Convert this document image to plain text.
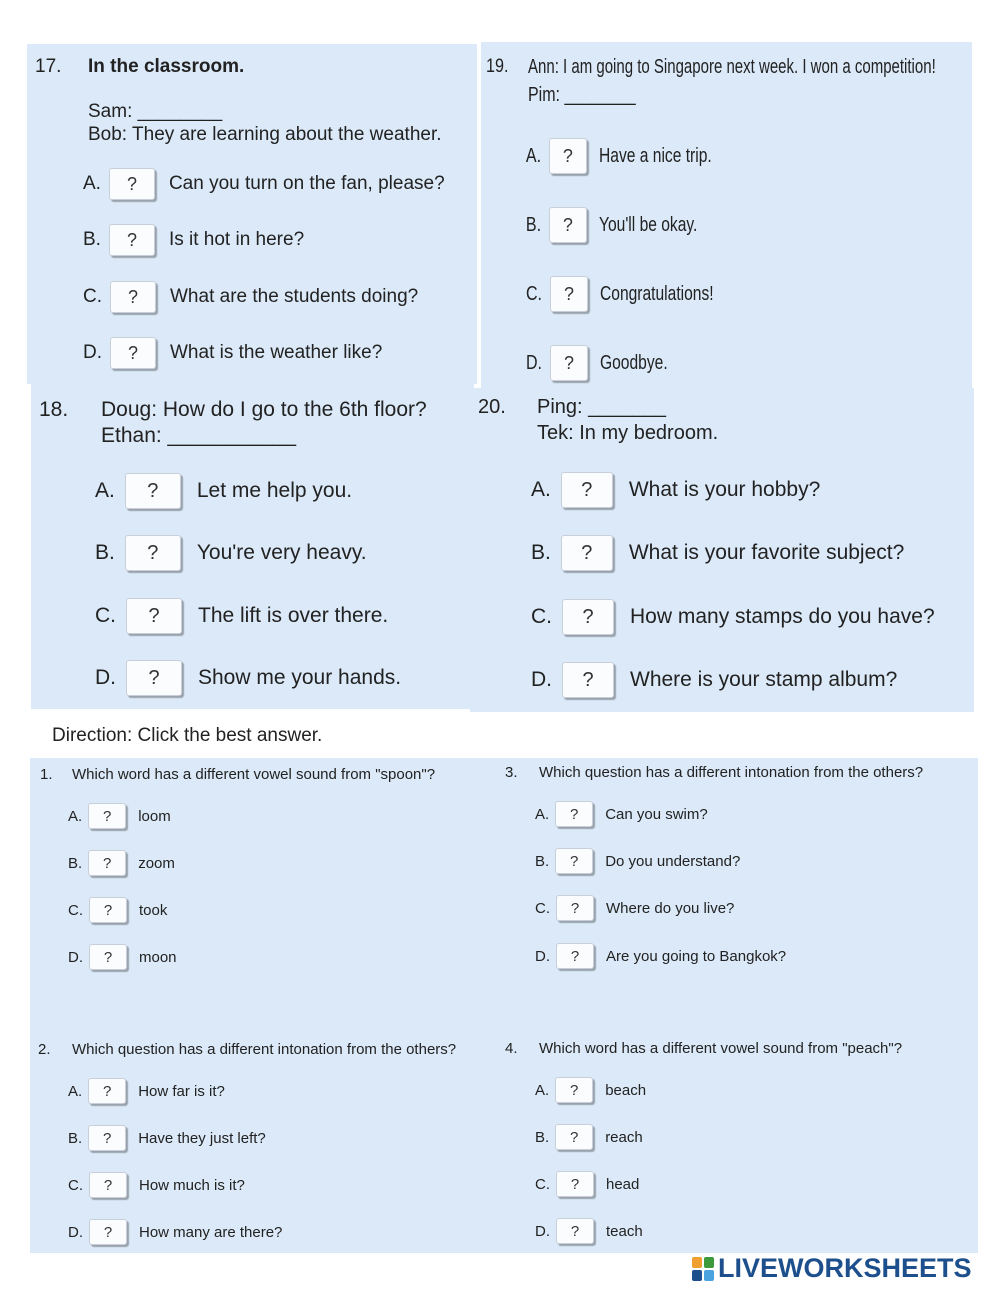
17. In the classroom.
Sam: ________
Bob: They are learning about the weather.
A.	?	Can you turn on the fan, please?
B.	?	Is it hot in here?
C.	?	What are the students doing?
D.	?	What is the weather like?
19. Ann: I am going to Singapore next week. I won a competition!
Pim: ________
A.	?	Have a nice trip.
B.	?	You'll be okay.
C.	?	Congratulations!
D.	?	Goodbye.
18. Doug: How do I go to the 6th floor?
Ethan: ___________
A.	?	Let me help you.
B.	?	You're very heavy.
C.	?	The lift is over there.
D.	?	Show me your hands.
20. Ping: _______
Tek: In my bedroom.
A.	?	What is your hobby?
B.	?	What is your favorite subject?
C.	?	How many stamps do you have?
D.	?	Where is your stamp album?
Direction: Click the best answer.
1. Which word has a different vowel sound from "spoon"?
A.	?	loom
B.	?	zoom
C.	?	took
D.	?	moon
2. Which question has a different intonation from the others?
A.	?	How far is it?
B.	?	Have they just left?
C.	?	How much is it?
D.	?	How many are there?
3. Which question has a different intonation from the others?
A.	?	Can you swim?
B.	?	Do you understand?
C.	?	Where do you live?
D.	?	Are you going to Bangkok?
4. Which word has a different vowel sound from "peach"?
A.	?	beach
B.	?	reach
C.	?	head
D.	?	teach
LIVEWORKSHEETS
